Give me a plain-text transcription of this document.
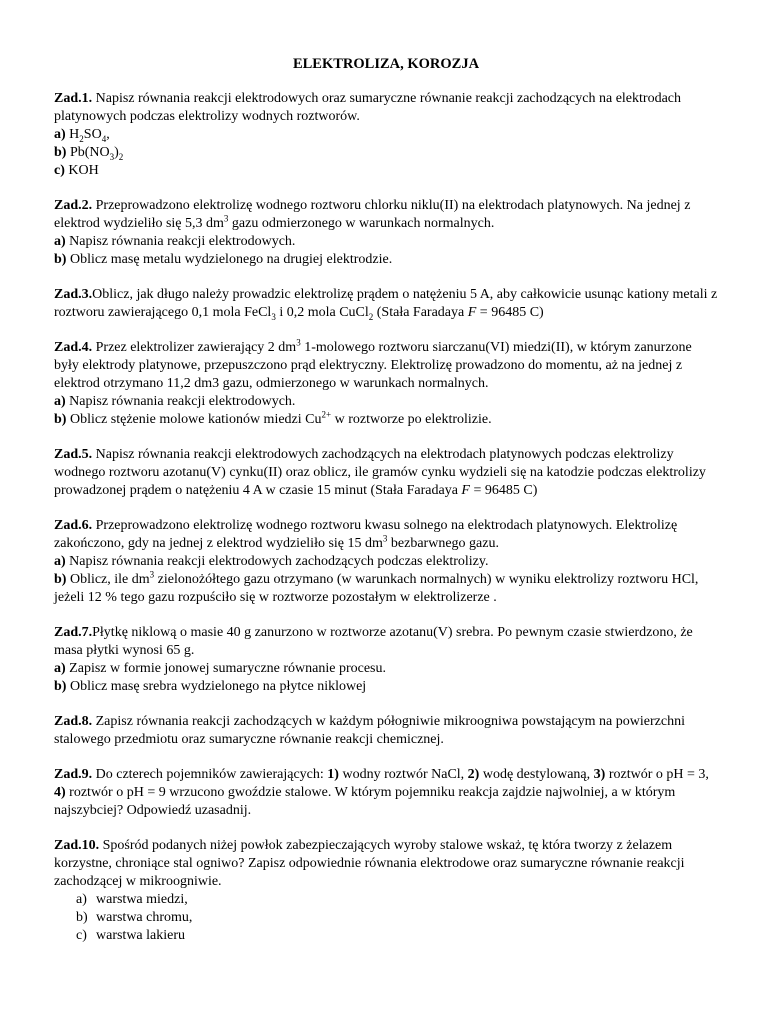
ELEKTROLIZA, KOROZJA

Zad.1. Napisz równania reakcji elektrodowych oraz sumaryczne równanie reakcji zachodzących na elektrodach platynowych podczas elektrolizy wodnych roztworów.

a) $H_2SO_4$,

b) $Pb(NO_3)_2$

c) KOH

Zad.2. Przeprowadzono elektrolizę wodnego roztworu chlorku niklu(II) na elektrodach platynowych. Na jednej z elektrod wydzieliło się 5,3 $dm^3$ gazu odmierzonego w warunkach normalnych.

a) Napisz równania reakcji elektrodowych.

b) Oblicz masę metalu wydzielonego na drugiej elektrodzie.

Zad.3.Oblicz, jak długo należy prowadzic elektrolizę prądem o natężeniu 5 A, aby całkowicie usunąc kationy metali z roztworu zawierającego 0,1 mola FeCl$_3$ i 0,2 mola CuCl$_2$ (Stała Faradaya F = 96485 C)

Zad.4. Przez elektrolizer zawierający 2 $dm^3$ 1-molowego roztworu siarczanu(VI) miedzi(II), w którym zanurzone były elektrody platynowe, przepuszczono prąd elektryczny. Elektrolizę prowadzono do momentu, aż na jednej z elektrod otrzymano 11,2 dm3 gazu, odmierzonego w warunkach normalnych.

a) Napisz równania reakcji elektrodowych.

b) Oblicz stężenie molowe kationów miedzi $Cu^{2+}$ w roztworze po elektrolizie.

Zad.5. Napisz równania reakcji elektrodowych zachodzących na elektrodach platynowych podczas elektrolizy wodnego roztworu azotanu(V) cynku(II) oraz oblicz, ile gramów cynku wydzieli się na katodzie podczas elektrolizy prowadzonej prądem o natężeniu 4 A w czasie 15 minut (Stała Faradaya F = 96485 C)

Zad.6. Przeprowadzono elektrolizę wodnego roztworu kwasu solnego na elektrodach platynowych. Elektrolizę zakończono, gdy na jednej z elektrod wydzieliło się 15 $dm^3$ bezbarwnego gazu.

a) Napisz równania reakcji elektrodowych zachodzących podczas elektrolizy.

b) Oblicz, ile $dm^3$ zielonożółtego gazu otrzymano (w warunkach normalnych) w wyniku elektrolizy roztworu HCl, jeżeli 12 % tego gazu rozpuściło się w roztworze pozostałym w elektrolizerze .

Zad.7.Płytkę niklową o masie 40 g zanurzono w roztworze azotanu(V) srebra. Po pewnym czasie stwierdzono, że masa płytki wynosi 65 g.

a) Zapisz w formie jonowej sumaryczne równanie procesu.

b) Oblicz masę srebra wydzielonego na płytce niklowej

Zad.8. Zapisz równania reakcji zachodzących w każdym półogniwie mikroogniwa powstającym na powierzchni stalowego przedmiotu oraz sumaryczne równanie reakcji chemicznej.

Zad.9. Do czterech pojemników zawierających: 1) wodny roztwór NaCl, 2) wodę destylowaną, 3) roztwór o pH = 3, 4) roztwór o pH = 9 wrzucono gwoździe stalowe. W którym pojemniku reakcja zajdzie najwolniej, a w którym najszybciej? Odpowiedź uzasadnij.

Zad.10. Spośród podanych niżej powłok zabezpieczających wyroby stalowe wskaż, tę która tworzy z żelazem korzystne, chroniące stal ogniwo? Zapisz odpowiednie równania elektrodowe oraz sumaryczne równanie reakcji zachodzącej w mikroogniwie.

a) warstwa miedzi,
b) warstwa chromu,
c) warstwa lakieru
